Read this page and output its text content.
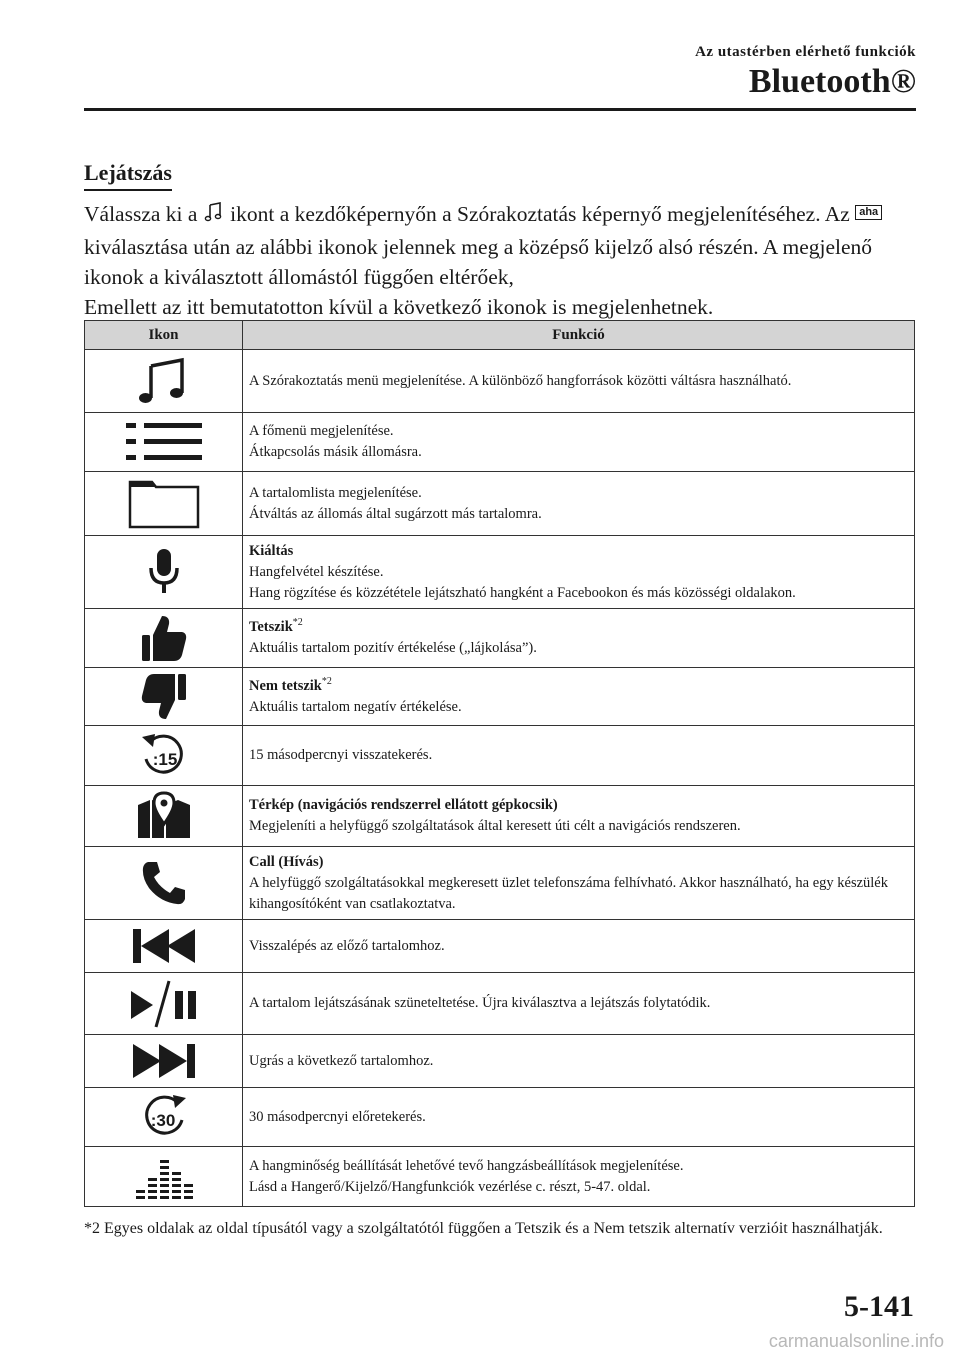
Az utastérben elérhető funkciók
Bluetooth®
Lejátszás

Válassza ki a  ikont a kezdőképernyőn a Szórakoztatás képernyő megjelenítéséhez. Az aha kiválasztása után az alábbi ikonok jelennek meg a középső kijelző alsó részén. A megjelenő ikonok a kiválasztott állomástól függően eltérőek,

Emellett az itt bemutatotton kívül a következő ikonok is megjelenhetnek.

Ikon	Funkció

A Szórakoztatás menü megjelenítése. A különböző hangforrások közötti váltásra használható.

A főmenü megjelenítése.
Átkapcsolás másik állomásra.

A tartalomlista megjelenítése.
Átváltás az állomás által sugárzott más tartalomra.

Kiáltás
Hangfelvétel készítése.
Hang rögzítése és közzététele lejátszható hangként a Facebookon és más közösségi oldalakon.

Tetszik$^{*2}$
Aktuális tartalom pozitív értékelése („lájkolása”).

Nem tetszik$^{*2}$
Aktuális tartalom negatív értékelése.

:15	15 másodpercnyi visszatekerés.

Térkép (navigációs rendszerrel ellátott gépkocsik)
Megjeleníti a helyfüggő szolgáltatások által keresett úti célt a navigációs rendszeren.

Call (Hívás)
A helyfüggő szolgáltatásokkal megkeresett üzlet telefonszáma felhívható. Akkor használható, ha egy készülék kihangosítóként van csatlakoztatva.

Visszalépés az előző tartalomhoz.

A tartalom lejátszásának szüneteltetése. Újra kiválasztva a lejátszás folytatódik.

Ugrás a következő tartalomhoz.

:30	30 másodpercnyi előretekerés.

A hangminőség beállítását lehetővé tevő hangzásbeállítások megjelenítése.
Lásd a Hangerő/Kijelző/Hangfunkciók vezérlése c. részt, 5-47. oldal.
*2 Egyes oldalak az oldal típusától vagy a szolgáltatótól függően a Tetszik és a Nem tetszik alternatív verzióit használhatják.
5-141
carmanualsonline.info
